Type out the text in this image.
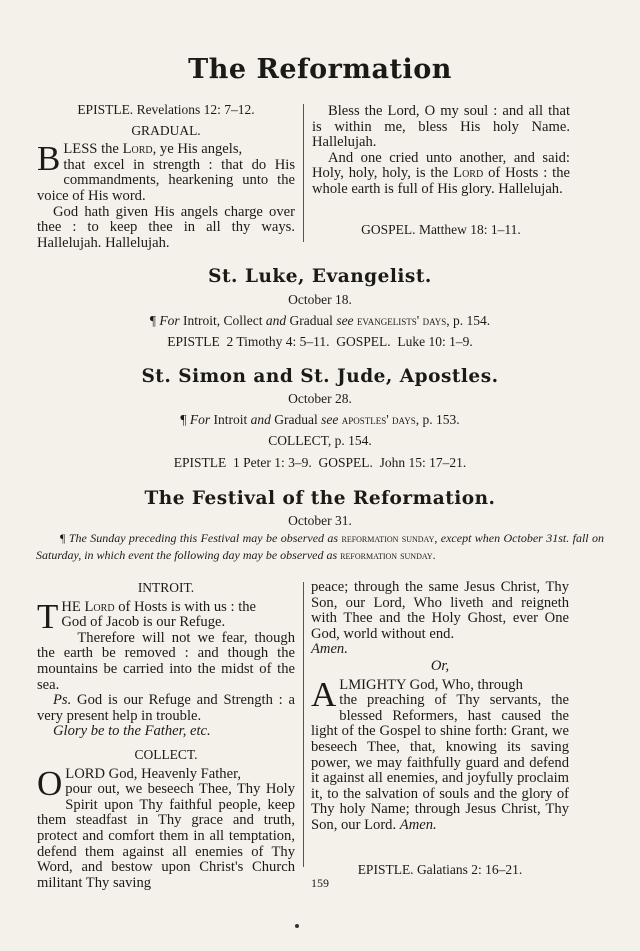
The Reformation

EPISTLE. Revelations 12: 7–12.

GRADUAL.

B LESS the Lord, ye His angels,
that excel in strength : that do His commandments, hearkening unto the voice of His word.

God hath given His angels charge over thee : to keep thee in all thy ways. Hallelujah. Hallelujah.

Bless the Lord, O my soul : and all that is within me, bless His holy Name. Hallelujah.

And one cried unto another, and said: Holy, holy, holy, is the Lord of Hosts : the whole earth is full of His glory. Hallelujah.

GOSPEL. Matthew 18: 1–11.

St. Luke, Evangelist.
October 18.
¶ For Introit, Collect and Gradual see evangelists' days, p. 154.
EPISTLE  2 Timothy 4: 5–11.  GOSPEL.  Luke 10: 1–9.
St. Simon and St. Jude, Apostles.
October 28.
¶ For Introit and Gradual see apostles' days, p. 153.
COLLECT, p. 154.
EPISTLE  1 Peter 1: 3–9.  GOSPEL.  John 15: 17–21.
The Festival of the Reformation.
October 31.
¶ The Sunday preceding this Festival may be observed as reformation sunday, except when October 31st. fall on Saturday, in which event the following day may be observed as reformation sunday.

INTROIT.

T HE Lord of Hosts is with us : the
God of Jacob is our Refuge.

Therefore will not we fear, though the earth be removed : and though the mountains be carried into the midst of the sea.

Ps. God is our Refuge and Strength : a very present help in trouble.

Glory be to the Father, etc.

COLLECT.

O LORD God, Heavenly Father,
pour out, we beseech Thee, Thy Holy Spirit upon Thy faithful people, keep them steadfast in Thy grace and truth, protect and comfort them in all temptation, defend them against all enemies of Thy Word, and bestow upon Christ's Church militant Thy saving

peace; through the same Jesus Christ, Thy Son, our Lord, Who liveth and reigneth with Thee and the Holy Ghost, ever One God, world without end.
Amen.

Or,

A LMIGHTY God, Who, through
the preaching of Thy servants, the blessed Reformers, hast caused the light of the Gospel to shine forth: Grant, we beseech Thee, that, knowing its saving power, we may faithfully guard and defend it against all enemies, and joyfully proclaim it, to the salvation of souls and the glory of Thy holy Name; through Jesus Christ, Thy Son, our Lord. Amen.

EPISTLE. Galatians 2: 16–21.

159
